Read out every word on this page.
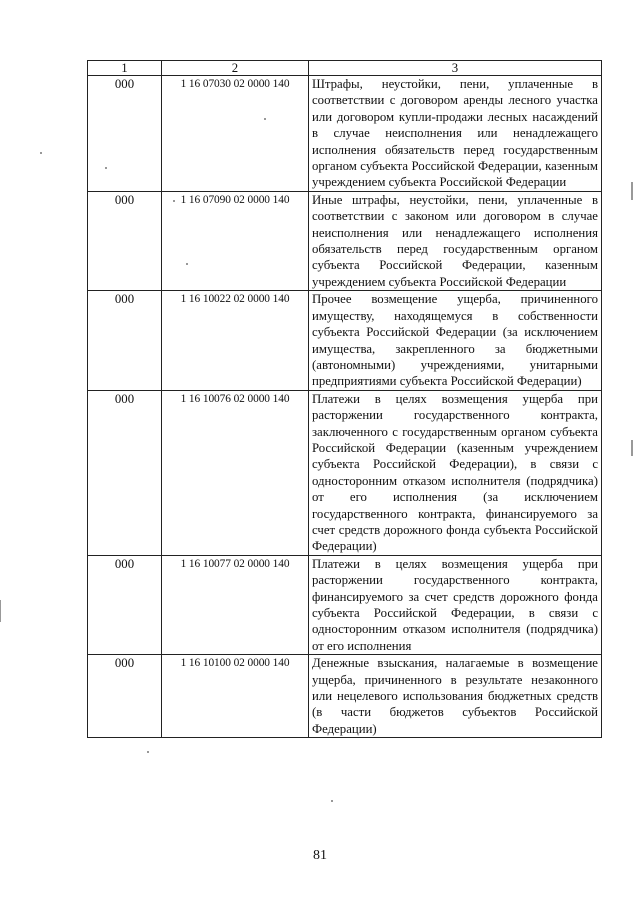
1	2	3
000	1 16 07030 02 0000 140	Штрафы, неустойки, пени, уплаченные в соответствии с договором аренды лесного участка или договором купли-продажи лесных насаждений в случае неисполнения или ненадлежащего исполнения обязательств перед государственным органом субъекта Российской Федерации, казенным учреждением субъекта Российской Федерации
000	1 16 07090 02 0000 140	Иные штрафы, неустойки, пени, уплаченные в соответствии с законом или договором в случае неисполнения или ненадлежащего исполнения обязательств перед государственным органом субъекта Российской Федерации, казенным учреждением субъекта Российской Федерации
000	1 16 10022 02 0000 140	Прочее возмещение ущерба, причиненного имуществу, находящемуся в собственности субъекта Российской Федерации (за исключением имущества, закрепленного за бюджетными (автономными) учреждениями, унитарными предприятиями субъекта Российской Федерации)
000	1 16 10076 02 0000 140	Платежи в целях возмещения ущерба при расторжении государственного контракта, заключенного с государственным органом субъекта Российской Федерации (казенным учреждением субъекта Российской Федерации), в связи с односторонним отказом исполнителя (подрядчика) от его исполнения (за исключением государственного контракта, финансируемого за счет средств дорожного фонда субъекта Российской Федерации)
000	1 16 10077 02 0000 140	Платежи в целях возмещения ущерба при расторжении государственного контракта, финансируемого за счет средств дорожного фонда субъекта Российской Федерации, в связи с односторонним отказом исполнителя (подрядчика) от его исполнения
000	1 16 10100 02 0000 140	Денежные взыскания, налагаемые в возмещение ущерба, причиненного в результате незаконного или нецелевого использования бюджетных средств (в части бюджетов субъектов Российской Федерации)
81
